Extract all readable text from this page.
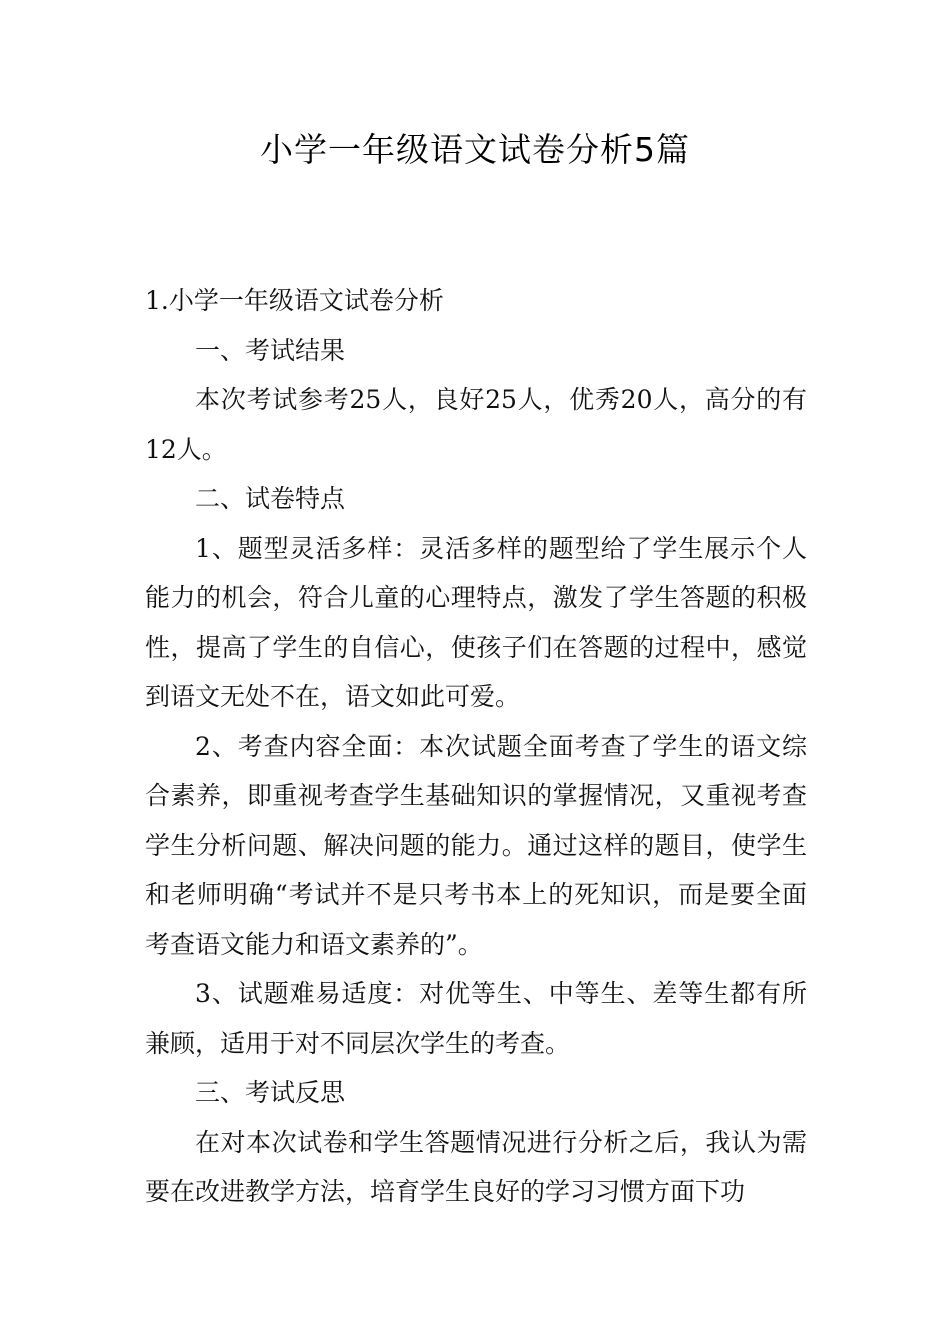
小学一年级语文试卷分析5篇

1.小学一年级语文试卷分析

一、考试结果

本次考试参考25人，良好25人，优秀20人，高分的有12人。

二、试卷特点

1、题型灵活多样：灵活多样的题型给了学生展示个人能力的机会，符合儿童的心理特点，激发了学生答题的积极性，提高了学生的自信心，使孩子们在答题的过程中，感觉到语文无处不在，语文如此可爱。

2、考查内容全面：本次试题全面考查了学生的语文综合素养，即重视考查学生基础知识的掌握情况，又重视考查学生分析问题、解决问题的能力。通过这样的题目，使学生和老师明确“考试并不是只考书本上的死知识，而是要全面考查语文能力和语文素养的”。

3、试题难易适度：对优等生、中等生、差等生都有所兼顾，适用于对不同层次学生的考查。

三、考试反思

在对本次试卷和学生答题情况进行分析之后，我认为需要在改进教学方法，培育学生良好的学习习惯方面下功
